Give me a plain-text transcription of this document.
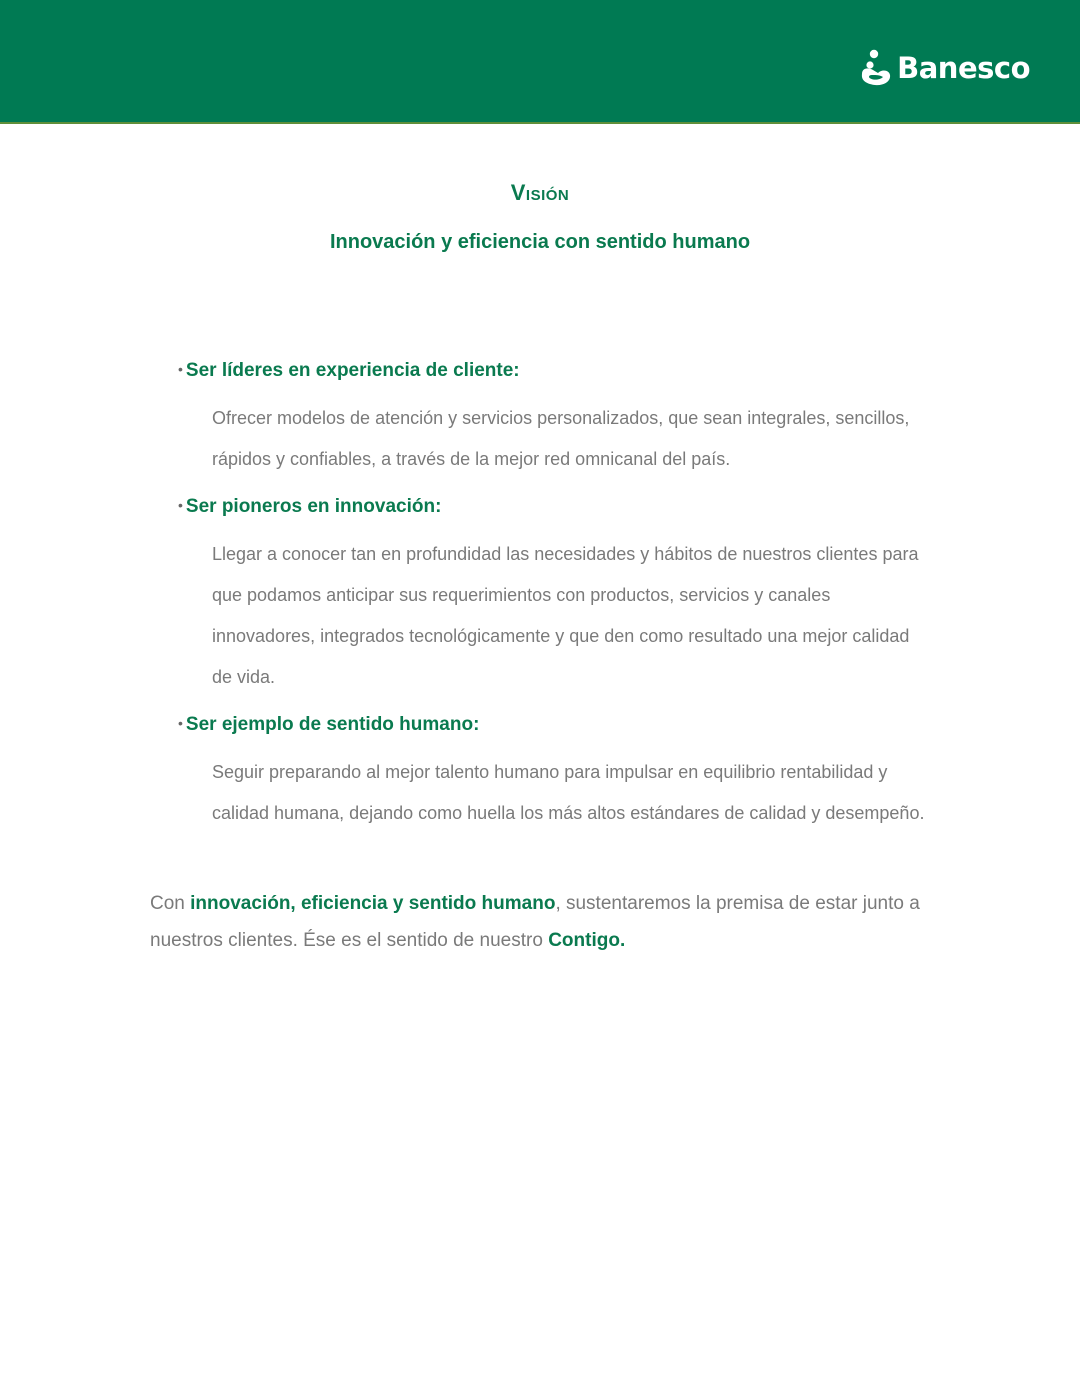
Banesco
Visión
Innovación y eficiencia con sentido humano

• Ser líderes en experiencia de cliente:

Ofrecer modelos de atención y servicios personalizados, que sean integrales, sencillos, rápidos y confiables, a través de la mejor red omnicanal del país.

• Ser pioneros en innovación:

Llegar a conocer tan en profundidad las necesidades y hábitos de nuestros clientes para que podamos anticipar sus requerimientos con productos, servicios y canales innovadores, integrados tecnológicamente y que den como resultado una mejor calidad de vida.

• Ser ejemplo de sentido humano:

Seguir preparando al mejor talento humano para impulsar en equilibrio rentabilidad y calidad humana, dejando como huella los más altos estándares de calidad y desempeño.
Con innovación, eficiencia y sentido humano, sustentaremos la premisa de estar junto a nuestros clientes. Ése es el sentido de nuestro Contigo.
